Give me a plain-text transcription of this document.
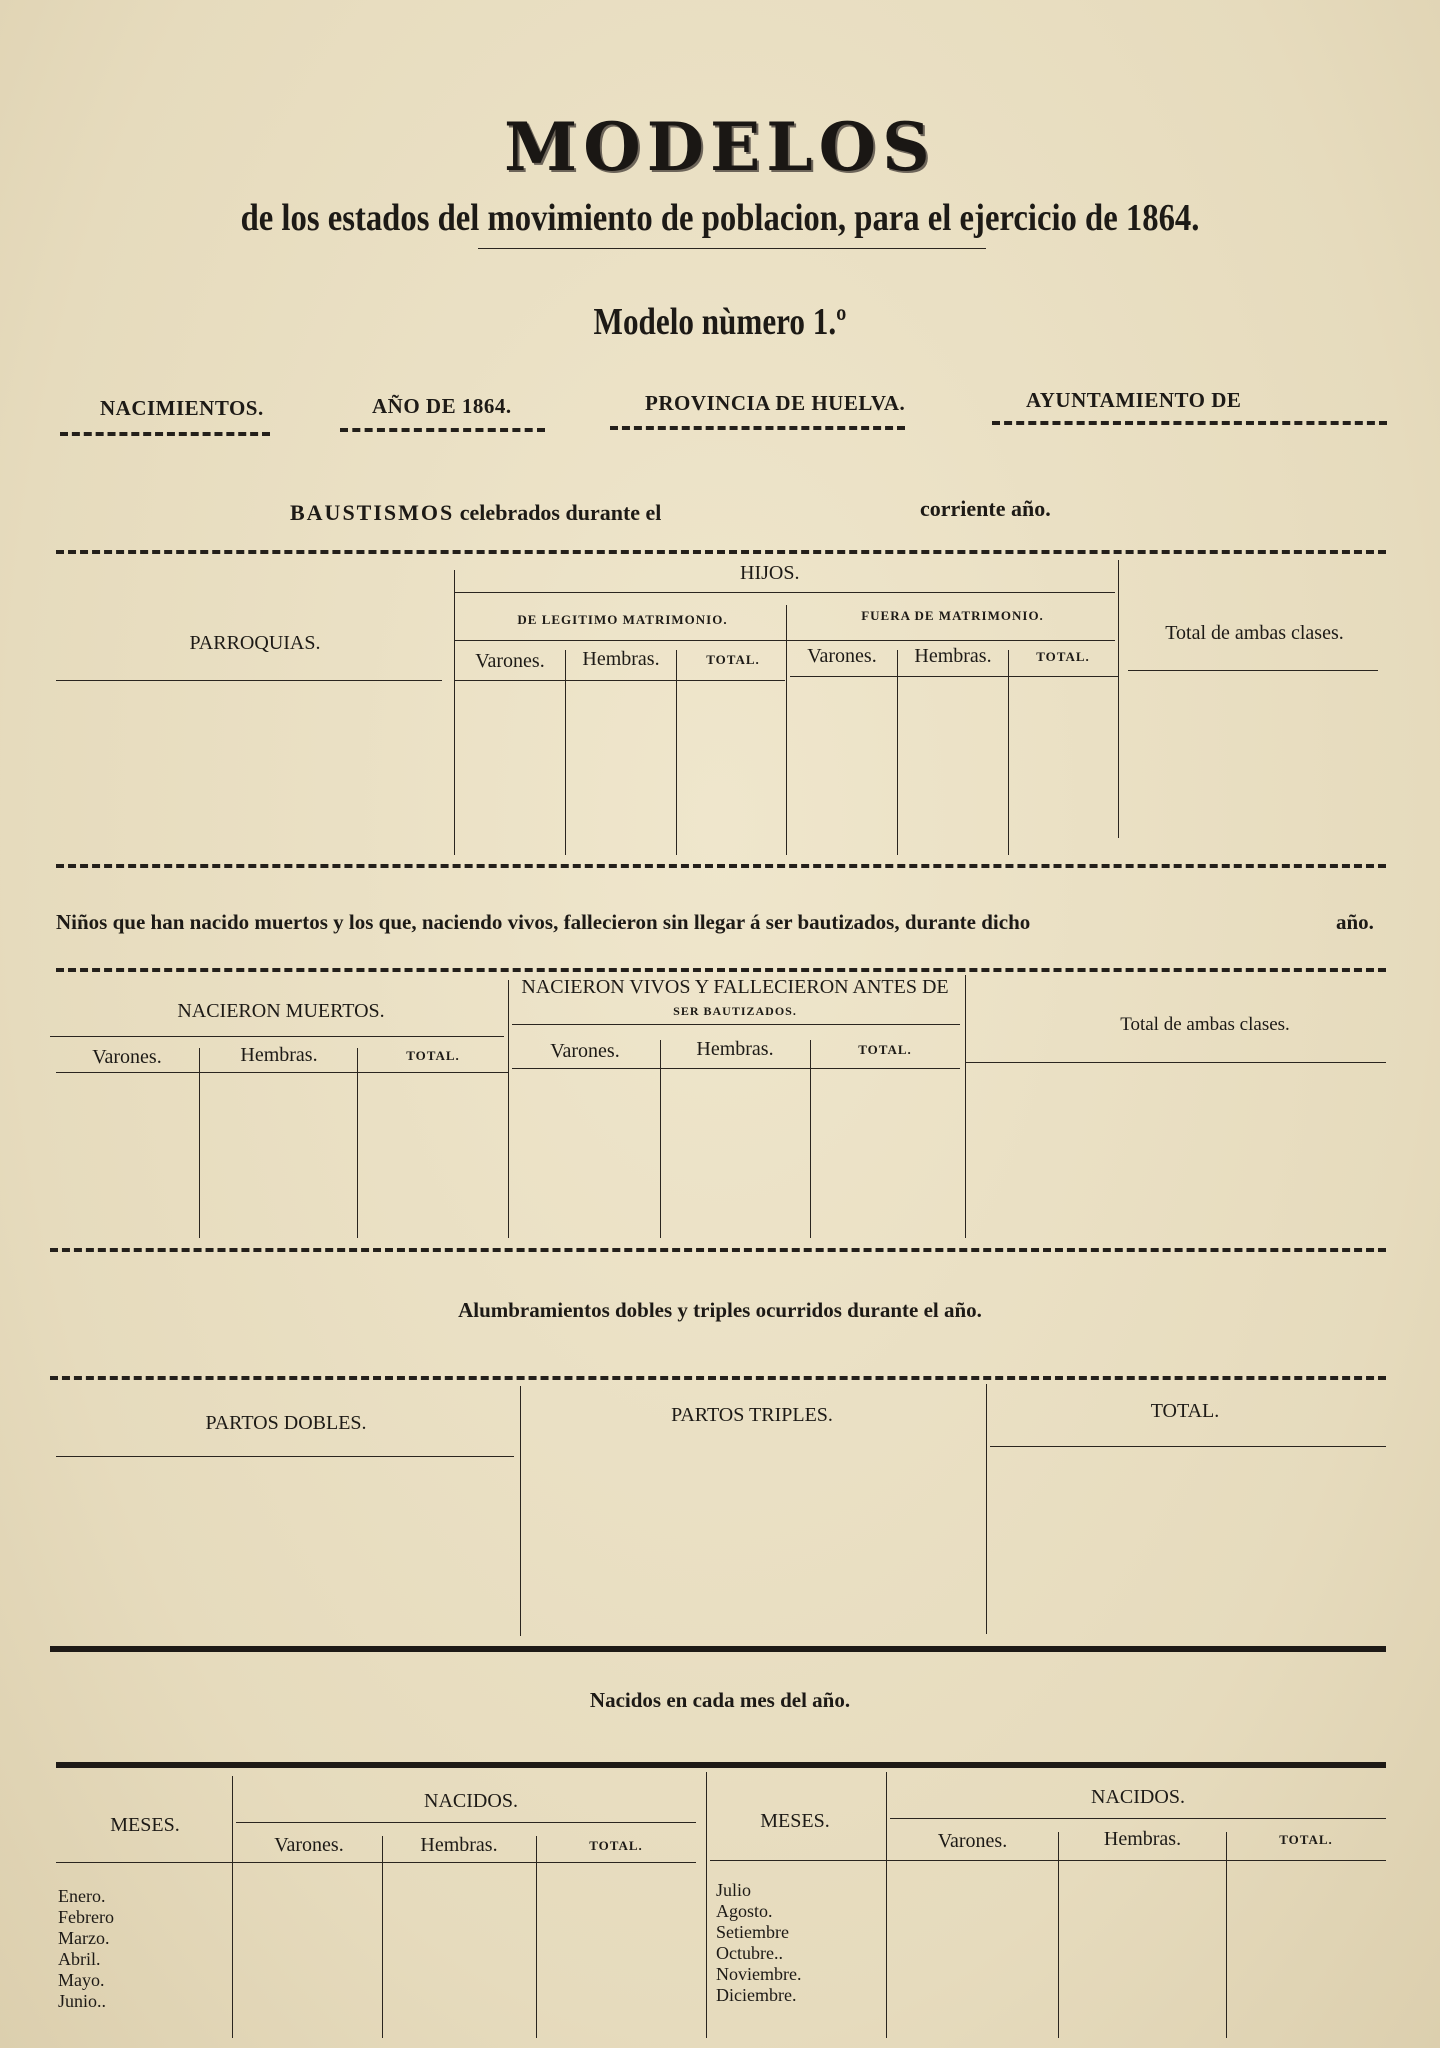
MODELOS
de los estados del movimiento de poblacion, para el ejercicio de 1864.
Modelo nùmero 1.º
NACIMIENTOS.	AÑO DE 1864.	PROVINCIA DE HUELVA.	AYUNTAMIENTO DE
BAUSTISMOS celebrados durante el	corriente año.
HIJOS.
DE LEGITIMO MATRIMONIO.	FUERA DE MATRIMONIO.
PARROQUIAS.	Total de ambas clases.
Varones.	Hembras.	TOTAL.	Varones.	Hembras.	TOTAL.
Niños que han nacido muertos y los que, naciendo vivos, fallecieron sin llegar á ser bautizados, durante dicho	año.
NACIERON MUERTOS.
NACIERON VIVOS Y FALLECIERON ANTES DE
SER BAUTIZADOS.
Total de ambas clases.
Varones.	Hembras.	TOTAL.	Varones.	Hembras.	TOTAL.
Alumbramientos dobles y triples ocurridos durante el año.
PARTOS DOBLES.	PARTOS TRIPLES.	TOTAL.
Nacidos en cada mes del año.
MESES.
NACIDOS.
Varones.	Hembras.	TOTAL.
MESES.
NACIDOS.
Varones.	Hembras.	TOTAL.
Enero.
Febrero
Marzo.
Abril.
Mayo.
Junio..
Julio
Agosto.
Setiembre
Octubre..
Noviembre.
Diciembre.
